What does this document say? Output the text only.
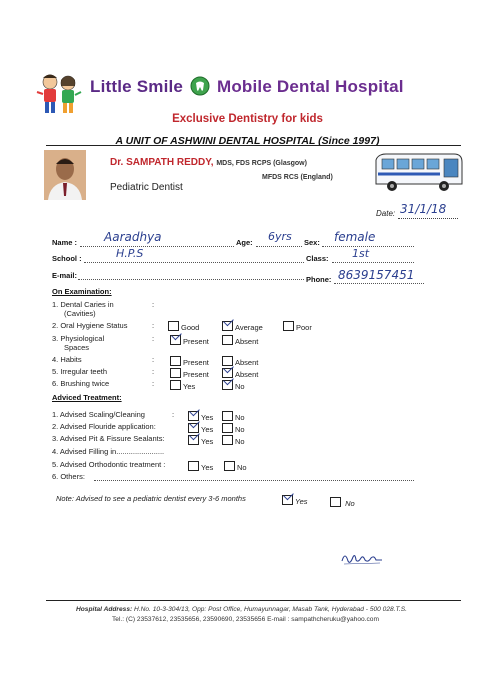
Little Smile Mobile Dental Hospital
Exclusive Dentistry for kids
A UNIT OF ASHWINI DENTAL HOSPITAL (Since 1997)
Dr. SAMPATH REDDY, MDS, FDS RCPS (Glasgow)
MFDS RCS (England)
Pediatric Dentist
Date: 31/1/18
Name : Aaradhya	Age: 6yrs Sex: female
School :	H.P.S	Class: 1st
E-mail:	Phone: 8639157451
On Examination:
1. Dental Caries in
(Cavities)
:
2. Oral Hygiene Status	:	Good	Average	Poor
3. Physiological
Spaces
:	Present	Absent
4. Habits	:	Present	Absent
5. Irregular teeth	:	Present	Absent
6. Brushing twice	:	Yes	No
Adviced Treatment:
1. Advised Scaling/Cleaning	:	Yes	No
2. Advised Flouride application:	Yes	No
3. Advised Pit & Fissure Sealants:	Yes	No
4. Advised Filling in.......................
5. Advised Orthodontic treatment :	Yes	No
6. Others:
Note: Advised to see a pediatric dentist every 3-6 months	Yes	No
Hospital Address: H.No. 10-3-304/13, Opp: Post Office, Humayunnagar, Masab Tank, Hyderabad - 500 028.T.S.
Tel.: (C) 23537612, 23535656, 23590690, 23535656 E-mail : sampathcheruku@yahoo.com
